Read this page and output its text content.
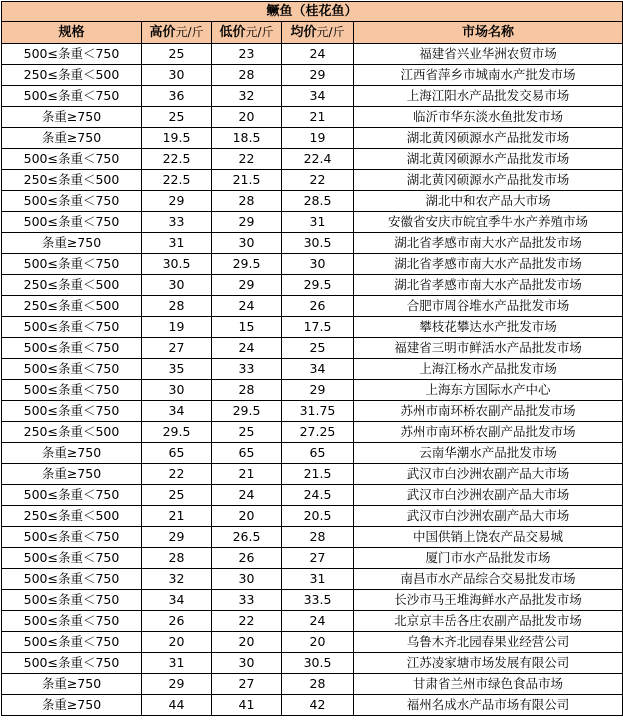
鳜鱼（桂花鱼）				
规格	高价元/斤	低价元/斤	均价元/斤	市场名称
500≤条重＜750	25	23	24	福建省兴业华洲农贸市场
250≤条重＜500	30	28	29	江西省萍乡市城南水产批发市场
500≤条重＜750	36	32	34	上海江阳水产品批发交易市场
条重≥750	25	20	21	临沂市华东淡水鱼批发市场
条重≥750	19.5	18.5	19	湖北黄冈硕源水产品批发市场
500≤条重＜750	22.5	22	22.4	湖北黄冈硕源水产品批发市场
250≤条重＜500	22.5	21.5	22	湖北黄冈硕源水产品批发市场
500≤条重＜750	29	28	28.5	湖北中和农产品大市场
500≤条重＜750	33	29	31	安徽省安庆市皖宜季牛水产养殖市场
条重≥750	31	30	30.5	湖北省孝感市南大水产品批发市场
500≤条重＜750	30.5	29.5	30	湖北省孝感市南大水产品批发市场
250≤条重＜500	30	29	29.5	湖北省孝感市南大水产品批发市场
250≤条重＜500	28	24	26	合肥市周谷堆水产品批发市场
500≤条重＜750	19	15	17.5	攀枝花攀达水产批发市场
500≤条重＜750	27	24	25	福建省三明市鲜活水产品批发市场
500≤条重＜750	35	33	34	上海江杨水产品批发市场
500≤条重＜750	30	28	29	上海东方国际水产中心
500≤条重＜750	34	29.5	31.75	苏州市南环桥农副产品批发市场
250≤条重＜500	29.5	25	27.25	苏州市南环桥农副产品批发市场
条重≥750	65	65	65	云南华潮水产品批发市场
条重≥750	22	21	21.5	武汉市白沙洲农副产品大市场
500≤条重＜750	25	24	24.5	武汉市白沙洲农副产品大市场
250≤条重＜500	21	20	20.5	武汉市白沙洲农副产品大市场
500≤条重＜750	29	26.5	28	中国供销上饶农产品交易城
500≤条重＜750	28	26	27	厦门市水产品批发市场
500≤条重＜750	32	30	31	南昌市水产品综合交易批发市场
500≤条重＜750	34	33	33.5	长沙市马王堆海鲜水产品批发市场
500≤条重＜750	26	22	24	北京京丰岳各庄农副产品批发市场
500≤条重＜750	20	20	20	乌鲁木齐北园春果业经营公司
500≤条重＜750	31	30	30.5	江苏凌家塘市场发展有限公司
条重≥750	29	27	28	甘肃省兰州市绿色食品市场
条重≥750	44	41	42	福州名成水产品市场有限公司
